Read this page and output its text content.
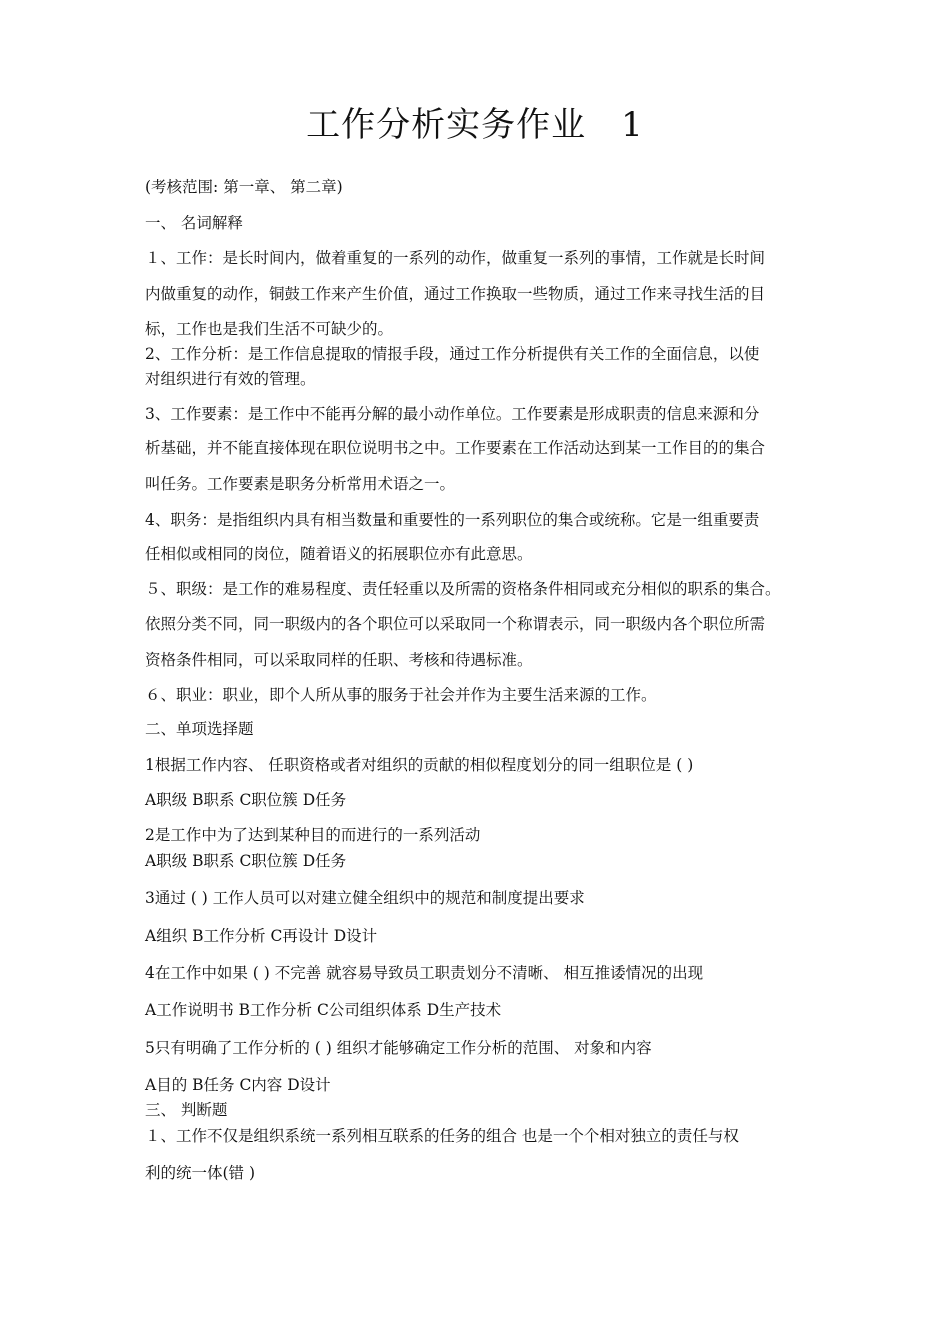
工作分析实务作业　1
(考核范围: 第一章、 第二章)
一、 名词解释
１、工作：是长时间内，做着重复的一系列的动作，做重复一系列的事情，工作就是长时间
内做重复的动作，铜鼓工作来产生价值，通过工作换取一些物质，通过工作来寻找生活的目
标，工作也是我们生活不可缺少的。
2、工作分析：是工作信息提取的情报手段，通过工作分析提供有关工作的全面信息，以使
对组织进行有效的管理。
3、工作要素：是工作中不能再分解的最小动作单位。工作要素是形成职责的信息来源和分
析基础，并不能直接体现在职位说明书之中。工作要素在工作活动达到某一工作目的的集合
叫任务。工作要素是职务分析常用术语之一。
4、职务：是指组织内具有相当数量和重要性的一系列职位的集合或统称。它是一组重要责
任相似或相同的岗位，随着语义的拓展职位亦有此意思。
５、职级：是工作的难易程度、责任轻重以及所需的资格条件相同或充分相似的职系的集合。
依照分类不同，同一职级内的各个职位可以采取同一个称谓表示，同一职级内各个职位所需
资格条件相同，可以采取同样的任职、考核和待遇标准。
６、职业：职业，即个人所从事的服务于社会并作为主要生活来源的工作。
二、单项选择题
1根据工作内容、 任职资格或者对组织的贡献的相似程度划分的同一组职位是 ( )
A职级 B职系 C职位簇 D任务
2是工作中为了达到某种目的而进行的一系列活动
A职级 B职系 C职位簇 D任务
3通过 ( ) 工作人员可以对建立健全组织中的规范和制度提出要求
A组织 B工作分析 C再设计 D设计
4在工作中如果 ( ) 不完善 就容易导致员工职责划分不清晰、 相互推诿情况的出现
A工作说明书 B工作分析 C公司组织体系 D生产技术
5只有明确了工作分析的 ( ) 组织才能够确定工作分析的范围、 对象和内容
A目的 B任务 C内容 D设计
三、 判断题
１、工作不仅是组织系统一系列相互联系的任务的组合 也是一个个相对独立的责任与权
利的统一体(错 )
